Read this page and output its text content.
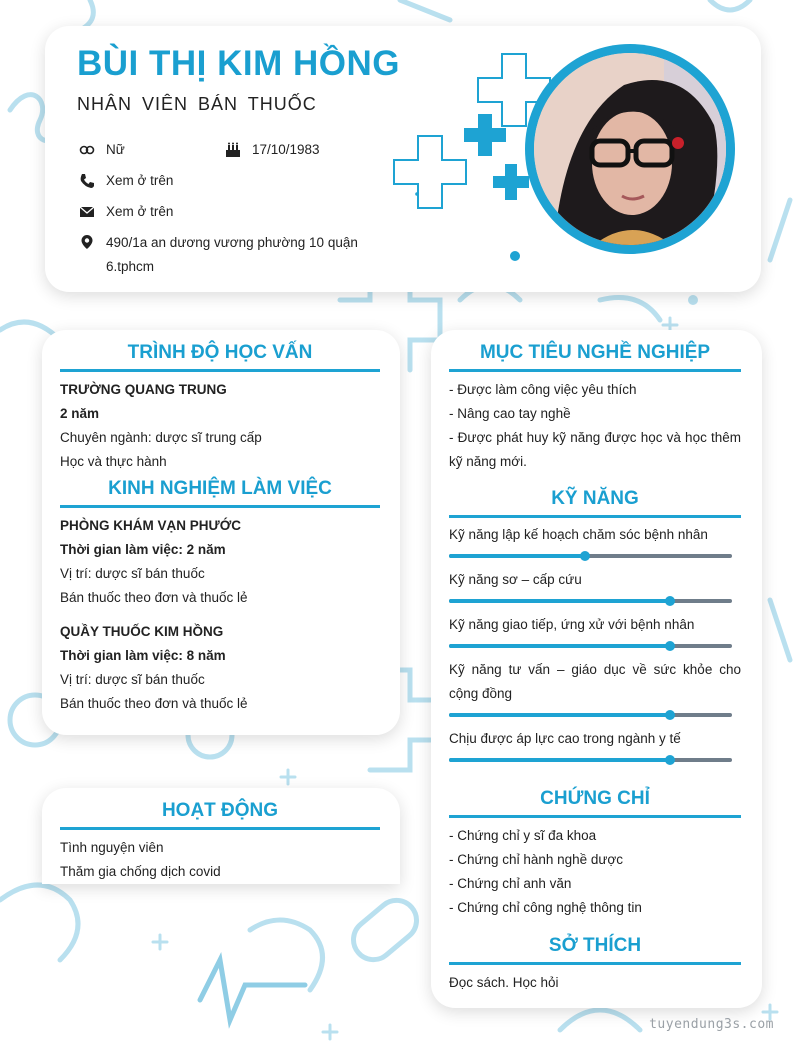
BÙI THỊ KIM HỒNG
NHÂN VIÊN BÁN THUỐC
Nữ	17/10/1983
Xem ở trên
Xem ở trên
490/1a an dương vương phường 10 quận 6.tphcm
TRÌNH ĐỘ HỌC VẤN
TRƯỜNG QUANG TRUNG
2 năm
Chuyên ngành: dược sĩ trung cấp
Học và thực hành
KINH NGHIỆM LÀM VIỆC
PHÒNG KHÁM VẠN PHƯỚC
Thời gian làm việc: 2 năm
Vị trí: dược sĩ bán thuốc
Bán thuốc theo đơn và thuốc lẻ
QUẦY THUỐC KIM HỒNG
Thời gian làm việc: 8 năm
Vị trí: dược sĩ bán thuốc
Bán thuốc theo đơn và thuốc lẻ
HOẠT ĐỘNG
Tình nguyện viên
Thăm gia chống dịch covid
MỤC TIÊU NGHỀ NGHIỆP
- Được làm công việc yêu thích
- Nâng cao tay nghề
- Được phát huy kỹ năng được học và học thêm kỹ năng mới.
KỸ NĂNG
Kỹ năng lập kế hoạch chăm sóc bệnh nhân
Kỹ năng sơ – cấp cứu
Kỹ năng giao tiếp, ứng xử với bệnh nhân
Kỹ năng tư vấn – giáo dục về sức khỏe cho cộng đồng
Chịu được áp lực cao trong ngành y tế
CHỨNG CHỈ
- Chứng chỉ y sĩ đa khoa
- Chứng chỉ hành nghề dược
- Chứng chỉ anh văn
- Chứng chỉ công nghệ thông tin
SỞ THÍCH
Đọc sách. Học hỏi
tuyendung3s.com
